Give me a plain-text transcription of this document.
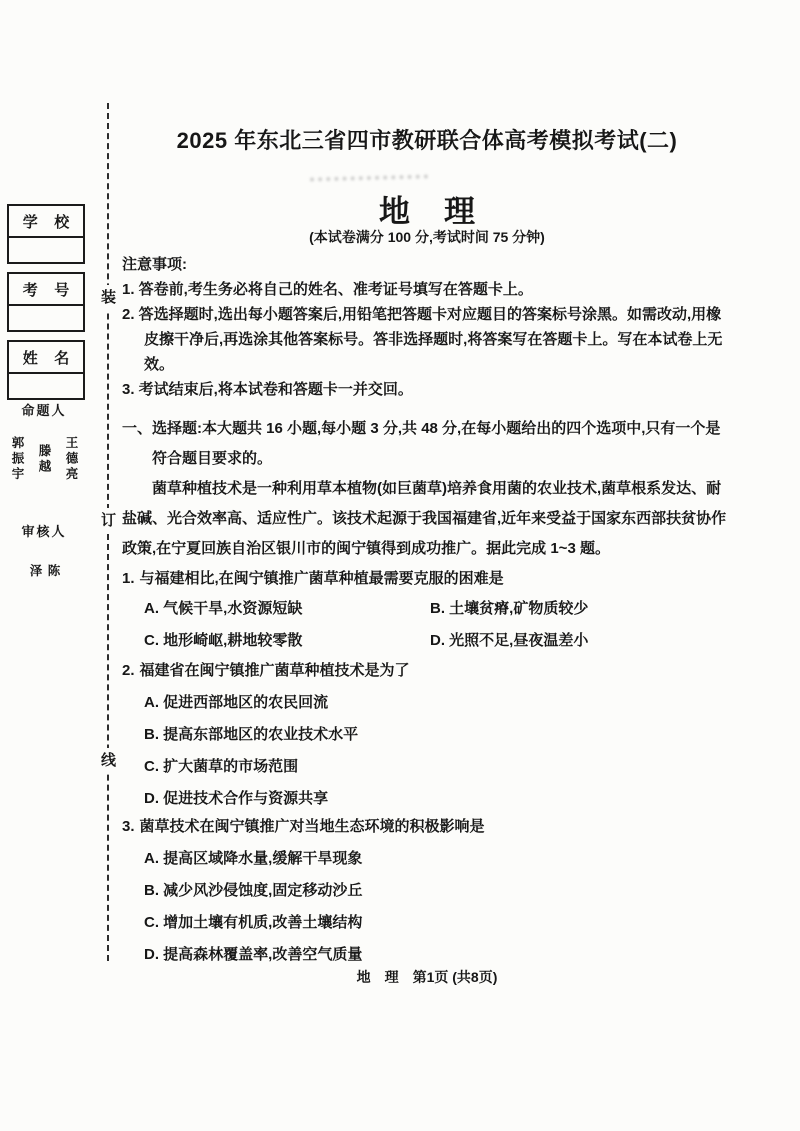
学校
考号
姓名
命题人
王德亮
滕越
郭振宇
审核人
陈泽
装
订
线
2025 年东北三省四市教研联合体高考模拟考试(二)
地理
(本试卷满分 100 分,考试时间 75 分钟)
注意事项:
1. 答卷前,考生务必将自己的姓名、准考证号填写在答题卡上。
2. 答选择题时,选出每小题答案后,用铅笔把答题卡对应题目的答案标号涂黑。如需改动,用橡皮擦干净后,再选涂其他答案标号。答非选择题时,将答案写在答题卡上。写在本试卷上无效。
3. 考试结束后,将本试卷和答题卡一并交回。
一、选择题:本大题共 16 小题,每小题 3 分,共 48 分,在每小题给出的四个选项中,只有一个是符合题目要求的。
菌草种植技术是一种利用草本植物(如巨菌草)培养食用菌的农业技术,菌草根系发达、耐盐碱、光合效率高、适应性广。该技术起源于我国福建省,近年来受益于国家东西部扶贫协作政策,在宁夏回族自治区银川市的闽宁镇得到成功推广。据此完成 1~3 题。
1. 与福建相比,在闽宁镇推广菌草种植最需要克服的困难是
A. 气候干旱,水资源短缺	B. 土壤贫瘠,矿物质较少
C. 地形崎岖,耕地较零散	D. 光照不足,昼夜温差小
2. 福建省在闽宁镇推广菌草种植技术是为了
A. 促进西部地区的农民回流
B. 提高东部地区的农业技术水平
C. 扩大菌草的市场范围
D. 促进技术合作与资源共享
3. 菌草技术在闽宁镇推广对当地生态环境的积极影响是
A. 提高区域降水量,缓解干旱现象
B. 减少风沙侵蚀度,固定移动沙丘
C. 增加土壤有机质,改善土壤结构
D. 提高森林覆盖率,改善空气质量
地　理　第1页 (共8页)
